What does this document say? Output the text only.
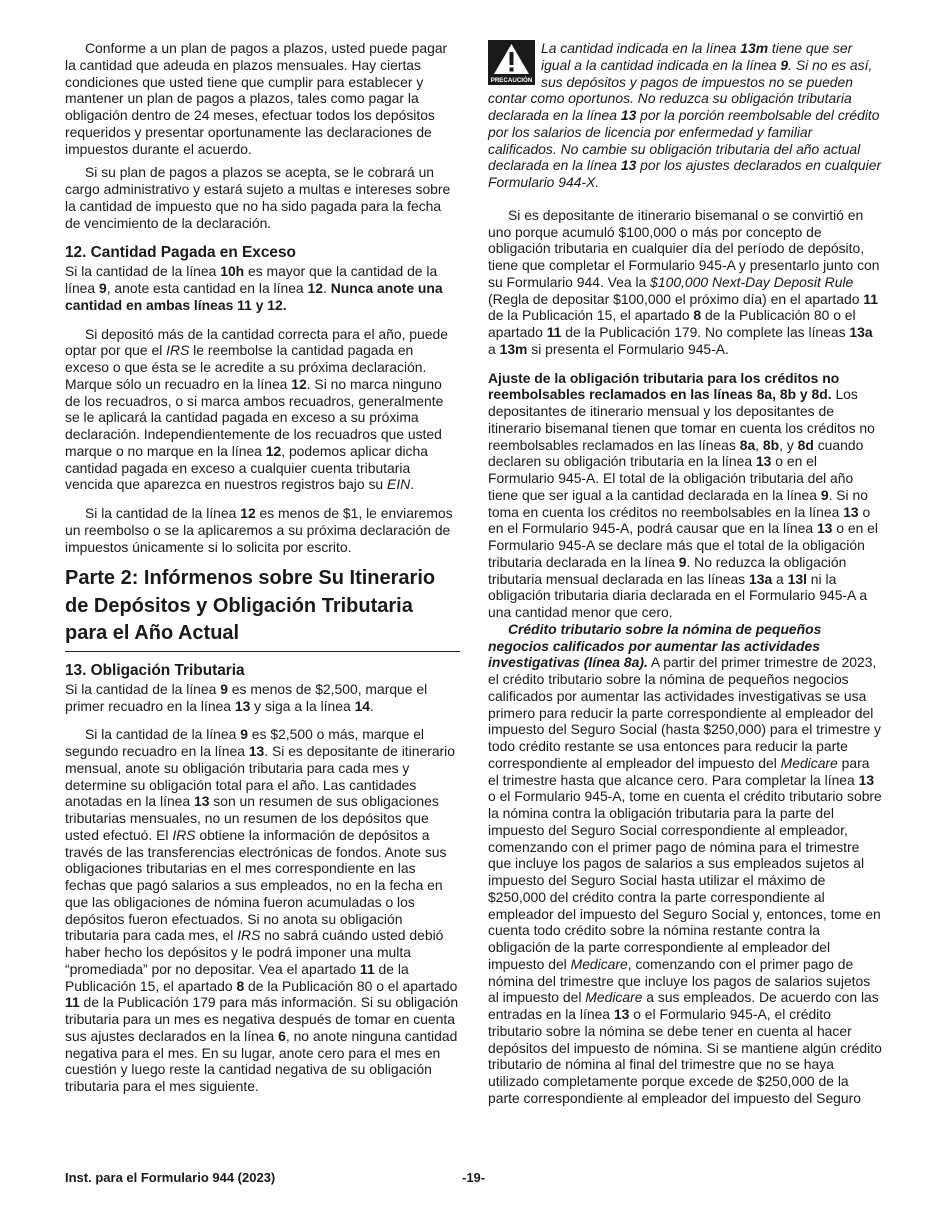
Conforme a un plan de pagos a plazos, usted puede pagar la cantidad que adeuda en plazos mensuales. Hay ciertas condiciones que usted tiene que cumplir para establecer y mantener un plan de pagos a plazos, tales como pagar la obligación dentro de 24 meses, efectuar todos los depósitos requeridos y presentar oportunamente las declaraciones de impuestos durante el acuerdo.

Si su plan de pagos a plazos se acepta, se le cobrará un cargo administrativo y estará sujeto a multas e intereses sobre la cantidad de impuesto que no ha sido pagada para la fecha de vencimiento de la declaración.

12. Cantidad Pagada en Exceso

Si la cantidad de la línea 10h es mayor que la cantidad de la línea 9, anote esta cantidad en la línea 12. Nunca anote una cantidad en ambas líneas 11 y 12.

Si depositó más de la cantidad correcta para el año, puede optar por que el IRS le reembolse la cantidad pagada en exceso o que ésta se le acredite a su próxima declaración. Marque sólo un recuadro en la línea 12. Si no marca ninguno de los recuadros, o si marca ambos recuadros, generalmente se le aplicará la cantidad pagada en exceso a su próxima declaración. Independientemente de los recuadros que usted marque o no marque en la línea 12, podemos aplicar dicha cantidad pagada en exceso a cualquier cuenta tributaria vencida que aparezca en nuestros registros bajo su EIN.

Si la cantidad de la línea 12 es menos de $1, le enviaremos un reembolso o se la aplicaremos a su próxima declaración de impuestos únicamente si lo solicita por escrito.

Parte 2: Infórmenos sobre Su Itinerario de Depósitos y Obligación Tributaria para el Año Actual
13. Obligación Tributaria

Si la cantidad de la línea 9 es menos de $2,500, marque el primer recuadro en la línea 13 y siga a la línea 14.

Si la cantidad de la línea 9 es $2,500 o más, marque el segundo recuadro en la línea 13. Si es depositante de itinerario mensual, anote su obligación tributaria para cada mes y determine su obligación total para el año. Las cantidades anotadas en la línea 13 son un resumen de sus obligaciones tributarias mensuales, no un resumen de los depósitos que usted efectuó. El IRS obtiene la información de depósitos a través de las transferencias electrónicas de fondos. Anote sus obligaciones tributarias en el mes correspondiente en las fechas que pagó salarios a sus empleados, no en la fecha en que las obligaciones de nómina fueron acumuladas o los depósitos fueron efectuados. Si no anota su obligación tributaria para cada mes, el IRS no sabrá cuándo usted debió haber hecho los depósitos y le podrá imponer una multa “promediada” por no depositar. Vea el apartado 11 de la Publicación 15, el apartado 8 de la Publicación 80 o el apartado 11 de la Publicación 179 para más información. Si su obligación tributaria para un mes es negativa después de tomar en cuenta sus ajustes declarados en la línea 6, no anote ninguna cantidad negativa para el mes. En su lugar, anote cero para el mes en cuestión y luego reste la cantidad negativa de su obligación tributaria para el mes siguiente.

PRECAUCIÓN

La cantidad indicada en la línea 13m tiene que ser igual a la cantidad indicada en la línea 9. Si no es así, sus depósitos y pagos de impuestos no se pueden contar como oportunos. No reduzca su obligación tributaria declarada en la línea 13 por la porción reembolsable del crédito por los salarios de licencia por enfermedad y familiar calificados. No cambie su obligación tributaria del año actual declarada en la línea 13 por los ajustes declarados en cualquier Formulario 944-X.

Si es depositante de itinerario bisemanal o se convirtió en uno porque acumuló $100,000 o más por concepto de obligación tributaria en cualquier día del período de depósito, tiene que completar el Formulario 945-A y presentarlo junto con su Formulario 944. Vea la $100,000 Next-Day Deposit Rule (Regla de depositar $100,000 el próximo día) en el apartado 11 de la Publicación 15, el apartado 8 de la Publicación 80 o el apartado 11 de la Publicación 179. No complete las líneas 13a a 13m si presenta el Formulario 945-A.

Ajuste de la obligación tributaria para los créditos no reembolsables reclamados en las líneas 8a, 8b y 8d. Los depositantes de itinerario mensual y los depositantes de itinerario bisemanal tienen que tomar en cuenta los créditos no reembolsables reclamados en las líneas 8a, 8b, y 8d cuando declaren su obligación tributaria en la línea 13 o en el Formulario 945-A. El total de la obligación tributaria del año tiene que ser igual a la cantidad declarada en la línea 9. Si no toma en cuenta los créditos no reembolsables en la línea 13 o en el Formulario 945-A, podrá causar que en la línea 13 o en el Formulario 945-A se declare más que el total de la obligación tributaria declarada en la línea 9. No reduzca la obligación tributaria mensual declarada en las líneas 13a a 13l ni la obligación tributaria diaria declarada en el Formulario 945-A a una cantidad menor que cero.

Crédito tributario sobre la nómina de pequeños negocios calificados por aumentar las actividades investigativas (línea 8a). A partir del primer trimestre de 2023, el crédito tributario sobre la nómina de pequeños negocios calificados por aumentar las actividades investigativas se usa primero para reducir la parte correspondiente al empleador del impuesto del Seguro Social (hasta $250,000) para el trimestre y todo crédito restante se usa entonces para reducir la parte correspondiente al empleador del impuesto del Medicare para el trimestre hasta que alcance cero. Para completar la línea 13 o el Formulario 945-A, tome en cuenta el crédito tributario sobre la nómina contra la obligación tributaria para la parte del impuesto del Seguro Social correspondiente al empleador, comenzando con el primer pago de nómina para el trimestre que incluye los pagos de salarios a sus empleados sujetos al impuesto del Seguro Social hasta utilizar el máximo de $250,000 del crédito contra la parte correspondiente al empleador del impuesto del Seguro Social y, entonces, tome en cuenta todo crédito sobre la nómina restante contra la obligación de la parte correspondiente al empleador del impuesto del Medicare, comenzando con el primer pago de nómina del trimestre que incluye los pagos de salarios sujetos al impuesto del Medicare a sus empleados. De acuerdo con las entradas en la línea 13 o el Formulario 945-A, el crédito tributario sobre la nómina se debe tener en cuenta al hacer depósitos del impuesto de nómina. Si se mantiene algún crédito tributario de nómina al final del trimestre que no se haya utilizado completamente porque excede de $250,000 de la parte correspondiente al empleador del impuesto del Seguro

Inst. para el Formulario 944 (2023)	-19-
